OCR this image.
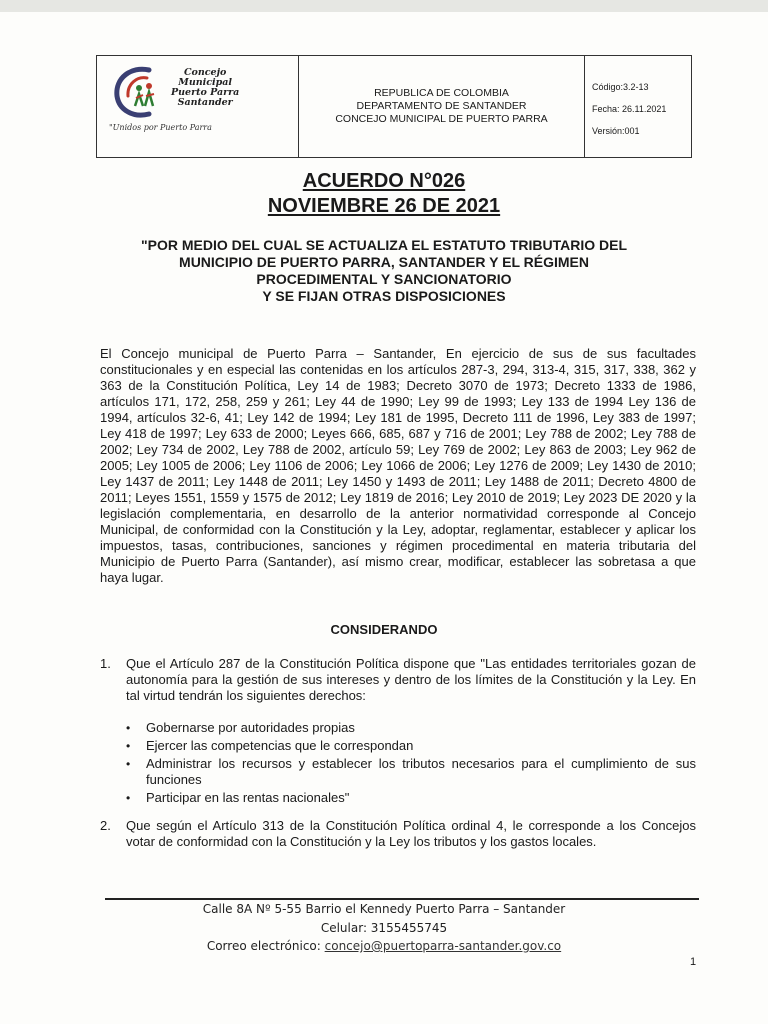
Concejo
Municipal
Puerto Parra
Santander
"Unidos por Puerto Parra
REPUBLICA DE COLOMBIA
DEPARTAMENTO DE SANTANDER
CONCEJO MUNICIPAL DE PUERTO PARRA
Código:3.2-13
Fecha: 26.11.2021
Versión:001
ACUERDO N°026
NOVIEMBRE 26 DE 2021
"POR MEDIO DEL CUAL SE ACTUALIZA EL ESTATUTO TRIBUTARIO DEL
MUNICIPIO DE PUERTO PARRA, SANTANDER Y EL RÉGIMEN
PROCEDIMENTAL Y SANCIONATORIO
Y SE FIJAN OTRAS DISPOSICIONES
El Concejo municipal de Puerto Parra – Santander, En ejercicio de sus de sus facultades constitucionales y en especial las contenidas en los artículos 287-3, 294, 313-4, 315, 317, 338, 362 y 363 de la Constitución Política, Ley 14 de 1983; Decreto 3070 de 1973; Decreto 1333 de 1986, artículos 171, 172, 258, 259 y 261; Ley 44 de 1990; Ley 99 de 1993; Ley 133 de 1994 Ley 136 de 1994, artículos 32-6, 41; Ley 142 de 1994; Ley 181 de 1995, Decreto 111 de 1996, Ley 383 de 1997; Ley 418 de 1997; Ley 633 de 2000; Leyes 666, 685, 687 y 716 de 2001; Ley 788 de 2002; Ley 788 de 2002; Ley 734 de 2002, Ley 788 de 2002, artículo 59; Ley 769 de 2002; Ley 863 de 2003; Ley 962 de 2005; Ley 1005 de 2006; Ley 1106 de 2006; Ley 1066 de 2006; Ley 1276 de 2009; Ley 1430 de 2010; Ley 1437 de 2011; Ley 1448 de 2011; Ley 1450 y 1493 de 2011; Ley 1488 de 2011; Decreto 4800 de 2011; Leyes 1551, 1559 y 1575 de 2012; Ley 1819 de 2016; Ley 2010 de 2019; Ley 2023 DE 2020 y la legislación complementaria, en desarrollo de la anterior normatividad corresponde al Concejo Municipal, de conformidad con la Constitución y la Ley, adoptar, reglamentar, establecer y aplicar los impuestos, tasas, contribuciones, sanciones y régimen procedimental en materia tributaria del Municipio de Puerto Parra (Santander), así mismo crear, modificar, establecer las sobretasa a que haya lugar.
CONSIDERANDO
1.	Que el Artículo 287 de la Constitución Política dispone que "Las entidades territoriales gozan de autonomía para la gestión de sus intereses y dentro de los límites de la Constitución y la Ley. En tal virtud tendrán los siguientes derechos:
•	Gobernarse por autoridades propias
•	Ejercer las competencias que le correspondan
•	Administrar los recursos y establecer los tributos necesarios para el cumplimiento de sus funciones
•	Participar en las rentas nacionales"
2.	Que según el Artículo 313 de la Constitución Política ordinal 4, le corresponde a los Concejos votar de conformidad con la Constitución y la Ley los tributos y los gastos locales.
Calle 8A Nº 5-55 Barrio el Kennedy Puerto Parra – Santander
Celular: 3155455745
Correo electrónico: concejo@puertoparra-santander.gov.co
1
